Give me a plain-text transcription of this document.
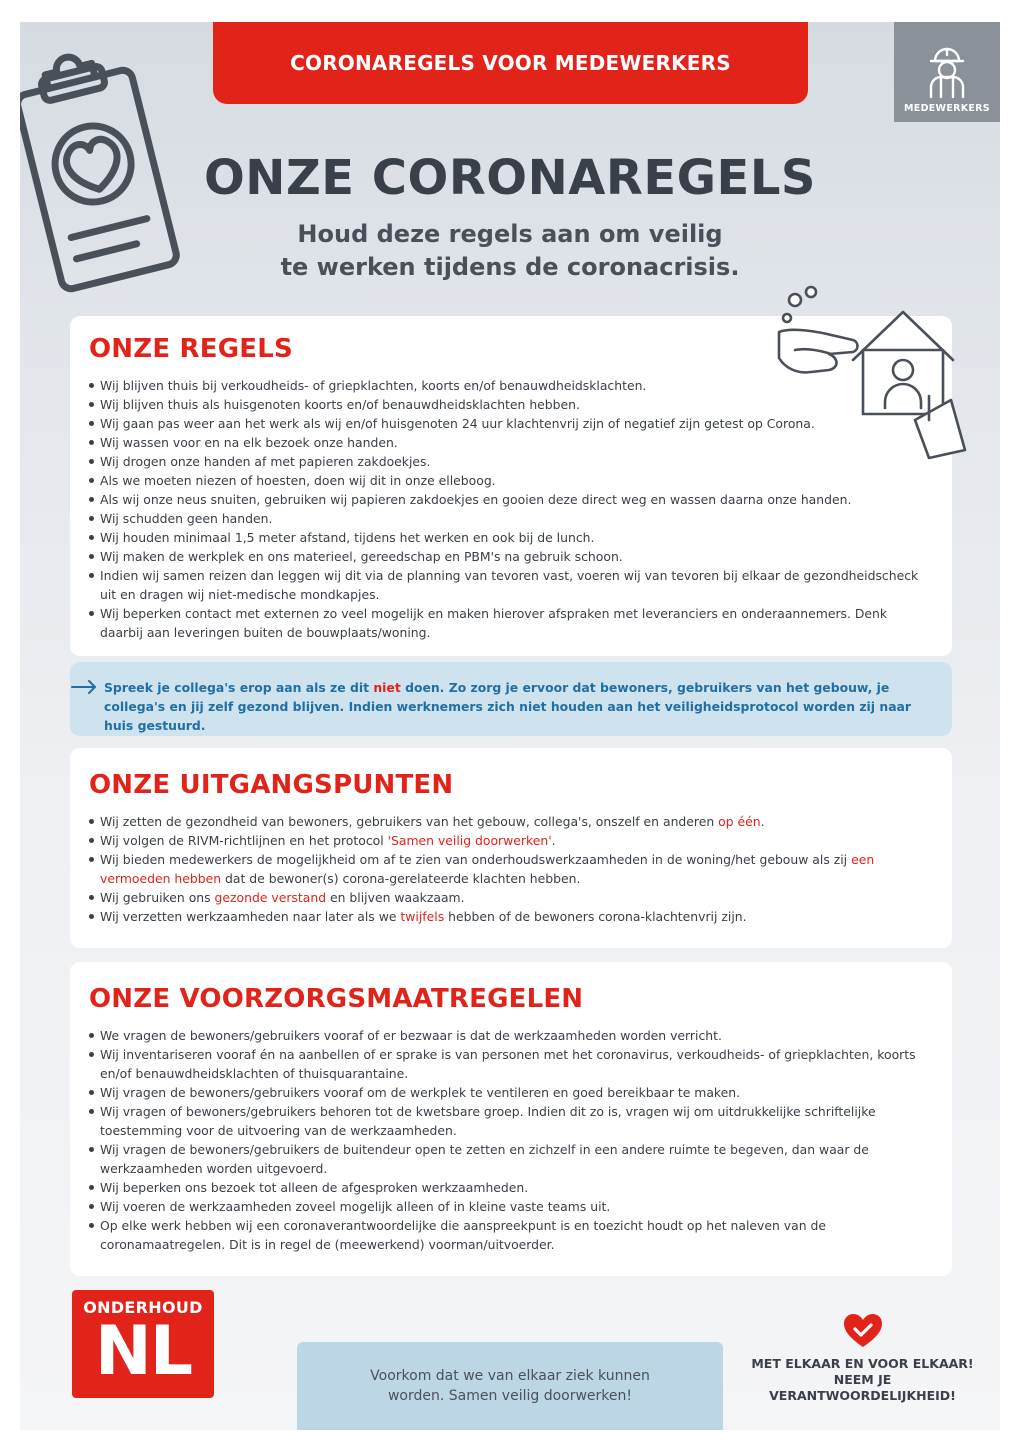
CORONAREGELS VOOR MEDEWERKERS
MEDEWERKERS
ONZE CORONAREGELS
Houd deze regels aan om veilig
te werken tijdens de coronacrisis.
ONZE REGELS
Wij blijven thuis bij verkoudheids- of griepklachten, koorts en/of benauwdheidsklachten.
Wij blijven thuis als huisgenoten koorts en/of benauwdheidsklachten hebben.
Wij gaan pas weer aan het werk als wij en/of huisgenoten 24 uur klachtenvrij zijn of negatief zijn getest op Corona.
Wij wassen voor en na elk bezoek onze handen.
Wij drogen onze handen af met papieren zakdoekjes.
Als we moeten niezen of hoesten, doen wij dit in onze elleboog.
Als wij onze neus snuiten, gebruiken wij papieren zakdoekjes en gooien deze direct weg en wassen daarna onze handen.
Wij schudden geen handen.
Wij houden minimaal 1,5 meter afstand, tijdens het werken en ook bij de lunch.
Wij maken de werkplek en ons materieel, gereedschap en PBM's na gebruik schoon.
Indien wij samen reizen dan leggen wij dit via de planning van tevoren vast, voeren wij van tevoren bij elkaar de gezondheidscheck uit en dragen wij niet-medische mondkapjes.
Wij beperken contact met externen zo veel mogelijk en maken hierover afspraken met leveranciers en onderaannemers. Denk daarbij aan leveringen buiten de bouwplaats/woning.
Spreek je collega's erop aan als ze dit niet doen. Zo zorg je ervoor dat bewoners, gebruikers van het gebouw, je collega's en jij zelf gezond blijven. Indien werknemers zich niet houden aan het veiligheidsprotocol worden zij naar huis gestuurd.
ONZE UITGANGSPUNTEN
Wij zetten de gezondheid van bewoners, gebruikers van het gebouw, collega's, onszelf en anderen op één.
Wij volgen de RIVM-richtlijnen en het protocol 'Samen veilig doorwerken'.
Wij bieden medewerkers de mogelijkheid om af te zien van onderhoudswerkzaamheden in de woning/het gebouw als zij een vermoeden hebben dat de bewoner(s) corona-gerelateerde klachten hebben.
Wij gebruiken ons gezonde verstand en blijven waakzaam.
Wij verzetten werkzaamheden naar later als we twijfels hebben of de bewoners corona-klachtenvrij zijn.
ONZE VOORZORGSMAATREGELEN
We vragen de bewoners/gebruikers vooraf of er bezwaar is dat de werkzaamheden worden verricht.
Wij inventariseren vooraf én na aanbellen of er sprake is van personen met het coronavirus, verkoudheids- of griepklachten, koorts en/of benauwdheidsklachten of thuisquarantaine.
Wij vragen de bewoners/gebruikers vooraf om de werkplek te ventileren en goed bereikbaar te maken.
Wij vragen of bewoners/gebruikers behoren tot de kwetsbare groep. Indien dit zo is, vragen wij om uitdrukkelijke schriftelijke toestemming voor de uitvoering van de werkzaamheden.
Wij vragen de bewoners/gebruikers de buitendeur open te zetten en zichzelf in een andere ruimte te begeven, dan waar de werkzaamheden worden uitgevoerd.
Wij beperken ons bezoek tot alleen de afgesproken werkzaamheden.
Wij voeren de werkzaamheden zoveel mogelijk alleen of in kleine vaste teams uit.
Op elke werk hebben wij een coronaverantwoordelijke die aanspreekpunt is en toezicht houdt op het naleven van de coronamaatregelen. Dit is in regel de (meewerkend) voorman/uitvoerder.
ONDERHOUD
NL	Voorkom dat we van elkaar ziek kunnen worden. Samen veilig doorwerken!
MET ELKAAR EN VOOR ELKAAR! NEEM JE VERANTWOORDELIJKHEID!
